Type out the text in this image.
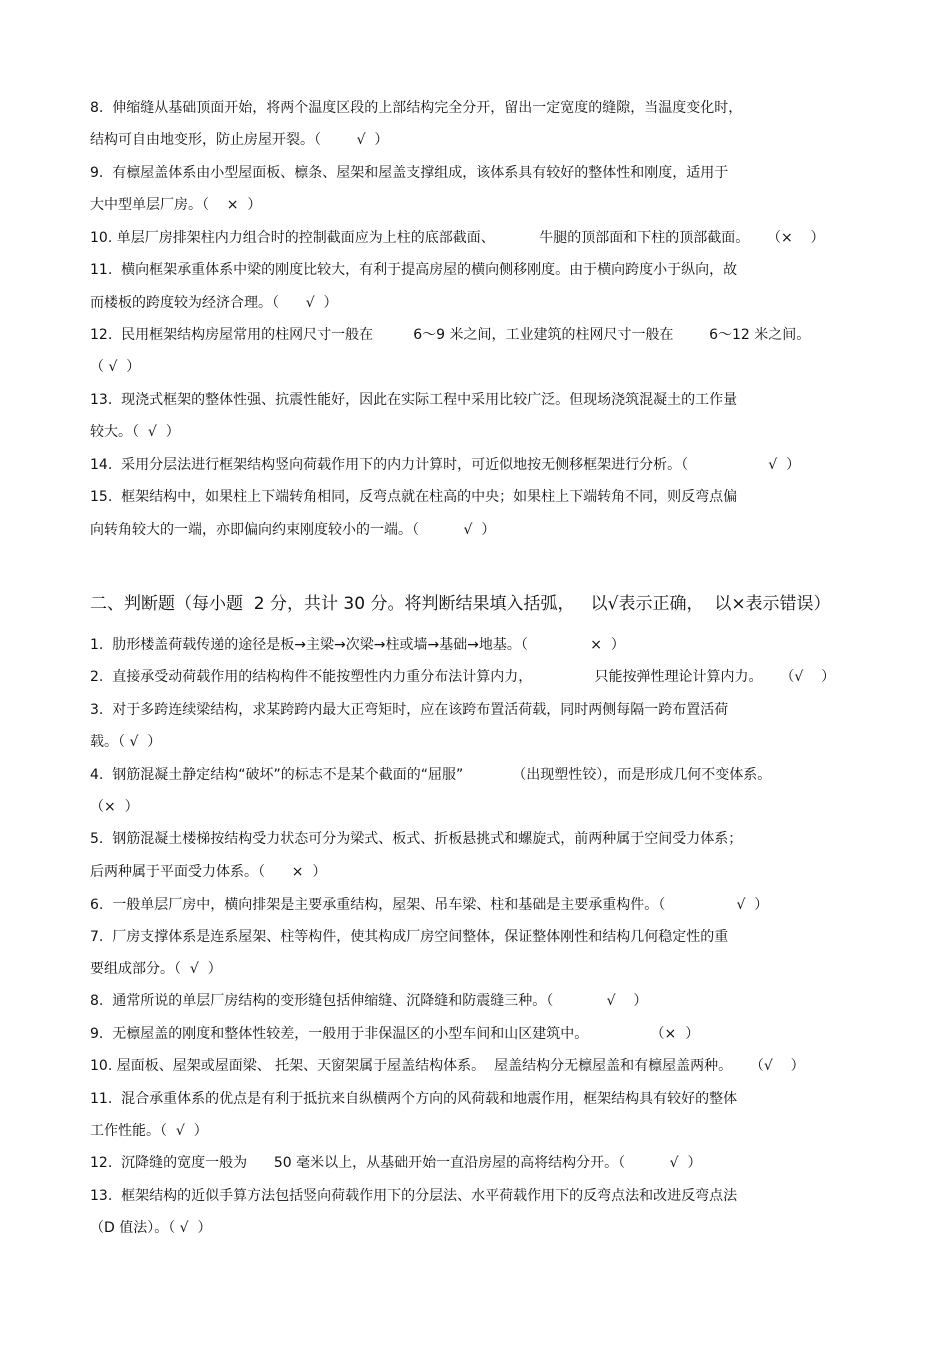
8.  伸缩缝从基础顶面开始，将两个温度区段的上部结构完全分开，留出一定宽度的缝隙，当温度变化时，
结构可自由地变形，防止房屋开裂。（        √  ）
9.  有檩屋盖体系由小型屋面板、檩条、屋架和屋盖支撑组成，该体系具有较好的整体性和刚度，适用于
大中型单层厂房。（    ×  ）
10. 单层厂房排架柱内力组合时的控制截面应为上柱的底部截面、          牛腿的顶部面和下柱的顶部截面。    （×    ）
11.  横向框架承重体系中梁的刚度比较大，有利于提高房屋的横向侧移刚度。由于横向跨度小于纵向，故
而楼板的跨度较为经济合理。（      √  ）
12.  民用框架结构房屋常用的柱网尺寸一般在         6～9 米之间，工业建筑的柱网尺寸一般在        6～12 米之间。
（ √  ）
13.  现浇式框架的整体性强、抗震性能好，因此在实际工程中采用比较广泛。但现场浇筑混凝土的工作量
较大。（  √  ）
14.  采用分层法进行框架结构竖向荷载作用下的内力计算时，可近似地按无侧移框架进行分析。（                  √  ）
15.  框架结构中，如果柱上下端转角相同，反弯点就在柱高的中央；如果柱上下端转角不同，则反弯点偏
向转角较大的一端，亦即偏向约束刚度较小的一端。（          √  ）
二、判断题（每小题  2 分，共计 30 分。将判断结果填入括弧，   以√表示正确，  以×表示错误）
1.  肋形楼盖荷载传递的途径是板→主梁→次梁→柱或墙→基础→地基。（              ×  ）
2.  直接承受动荷载作用的结构构件不能按塑性内力重分布法计算内力，              只能按弹性理论计算内力。    （√    ）
3.  对于多跨连续梁结构，求某跨跨内最大正弯矩时，应在该跨布置活荷载，同时两侧每隔一跨布置活荷
载。（ √  ）
4.  钢筋混凝土静定结构“破坏”的标志不是某个截面的“屈服”           （出现塑性铰），而是形成几何不变体系。
（×  ）
5.  钢筋混凝土楼梯按结构受力状态可分为梁式、板式、折板悬挑式和螺旋式，前两种属于空间受力体系；
后两种属于平面受力体系。（      ×  ）
6.  一般单层厂房中，横向排架是主要承重结构，屋架、吊车梁、柱和基础是主要承重构件。（                √  ）
7.  厂房支撑体系是连系屋架、柱等构件，使其构成厂房空间整体，保证整体刚性和结构几何稳定性的重
要组成部分。（  √  ）
8.  通常所说的单层厂房结构的变形缝包括伸缩缝、沉降缝和防震缝三种。（            √    ）
9.  无檩屋盖的刚度和整体性较差，一般用于非保温区的小型车间和山区建筑中。              （×  ）
10. 屋面板、屋架或屋面梁、 托架、天窗架属于屋盖结构体系。  屋盖结构分无檩屋盖和有檩屋盖两种。    （√    ）
11.  混合承重体系的优点是有利于抵抗来自纵横两个方向的风荷载和地震作用，框架结构具有较好的整体
工作性能。（  √  ）
12.  沉降缝的宽度一般为      50 毫米以上，从基础开始一直沿房屋的高将结构分开。（          √  ）
13.  框架结构的近似手算方法包括竖向荷载作用下的分层法、水平荷载作用下的反弯点法和改进反弯点法
（D 值法）。（ √  ）
